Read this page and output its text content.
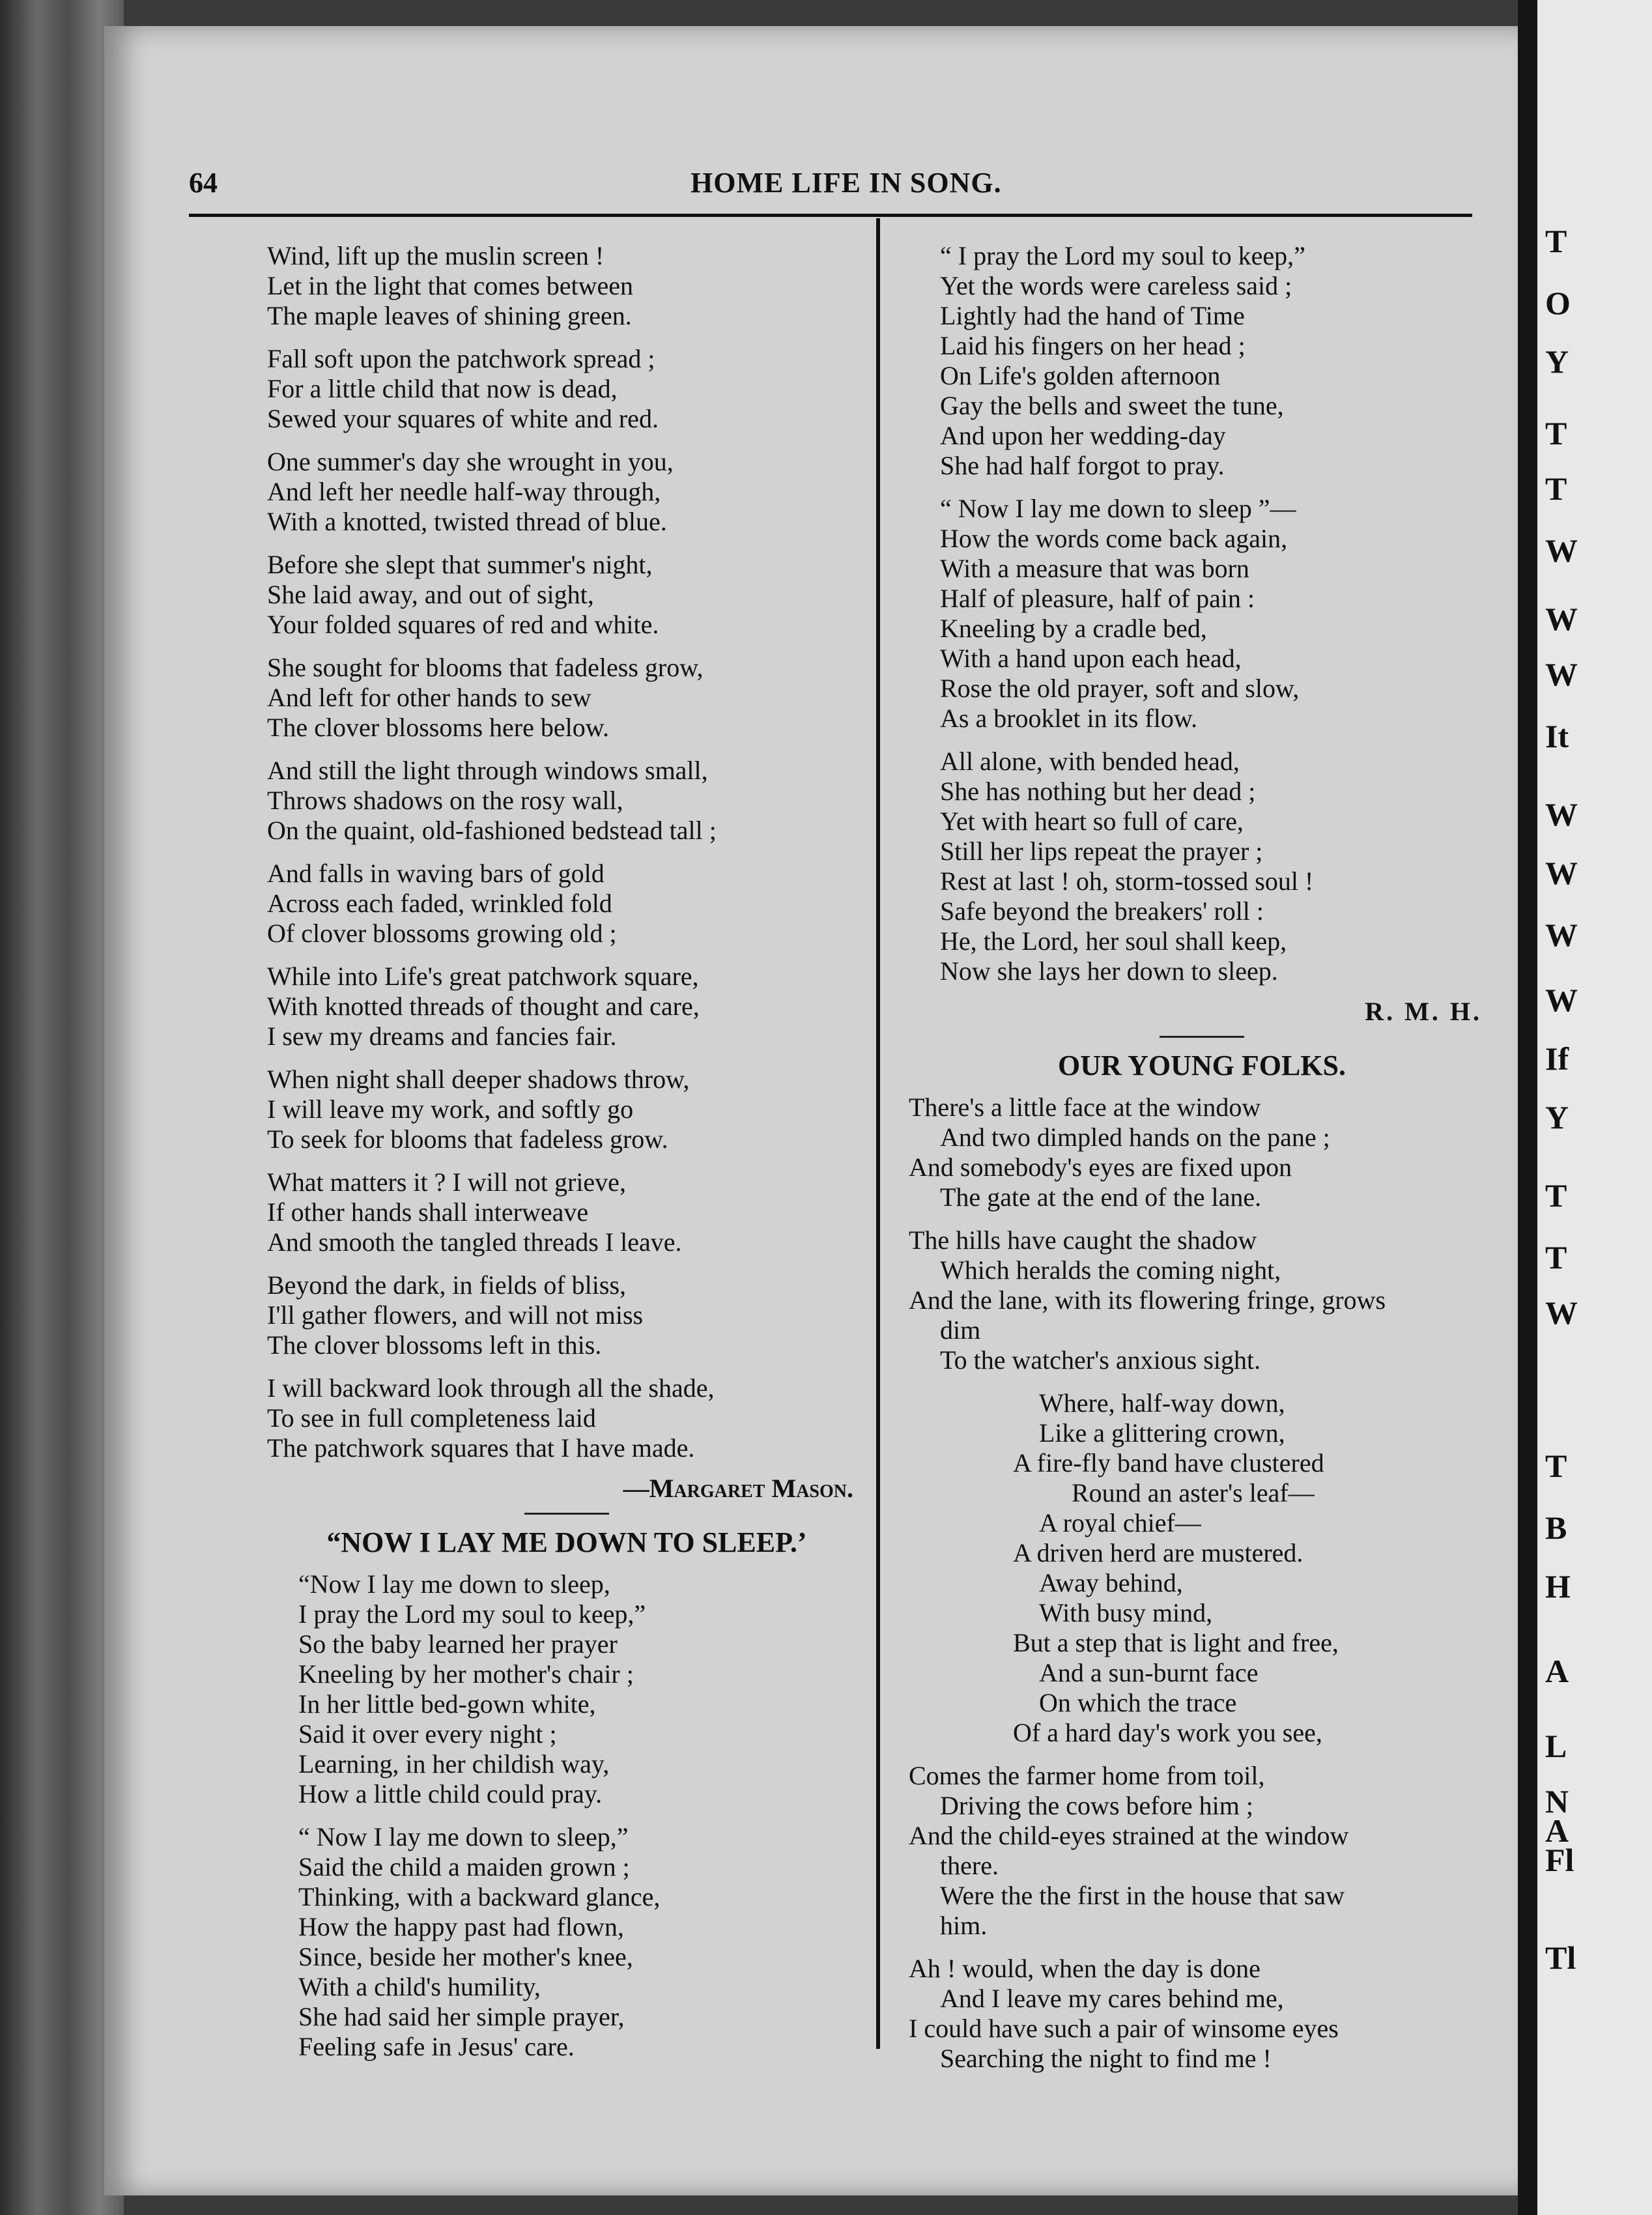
T
O
Y
T
T
W
W
W
It
W
W
W
W
If
Y
T
T
W
T
B
H
A
L
N
A
Fl
Tl
64	HOME LIFE IN SONG.
Wind, lift up the muslin screen !
Let in the light that comes between
The maple leaves of shining green.
Fall soft upon the patchwork spread ;
For a little child that now is dead,
Sewed your squares of white and red.
One summer's day she wrought in you,
And left her needle half-way through,
With a knotted, twisted thread of blue.
Before she slept that summer's night,
She laid away, and out of sight,
Your folded squares of red and white.
She sought for blooms that fadeless grow,
And left for other hands to sew
The clover blossoms here below.
And still the light through windows small,
Throws shadows on the rosy wall,
On the quaint, old-fashioned bedstead tall ;
And falls in waving bars of gold
Across each faded, wrinkled fold
Of clover blossoms growing old ;
While into Life's great patchwork square,
With knotted threads of thought and care,
I sew my dreams and fancies fair.
When night shall deeper shadows throw,
I will leave my work, and softly go
To seek for blooms that fadeless grow.
What matters it ? I will not grieve,
If other hands shall interweave
And smooth the tangled threads I leave.
Beyond the dark, in fields of bliss,
I'll gather flowers, and will not miss
The clover blossoms left in this.
I will backward look through all the shade,
To see in full completeness laid
The patchwork squares that I have made.
—Margaret Mason.
“NOW I LAY ME DOWN TO SLEEP.’
“Now I lay me down to sleep,
I pray the Lord my soul to keep,”
So the baby learned her prayer
Kneeling by her mother's chair ;
In her little bed-gown white,
Said it over every night ;
Learning, in her childish way,
How a little child could pray.
“ Now I lay me down to sleep,”
Said the child a maiden grown ;
Thinking, with a backward glance,
How the happy past had flown,
Since, beside her mother's knee,
With a child's humility,
She had said her simple prayer,
Feeling safe in Jesus' care.
“ I pray the Lord my soul to keep,”
Yet the words were careless said ;
Lightly had the hand of Time
Laid his fingers on her head ;
On Life's golden afternoon
Gay the bells and sweet the tune,
And upon her wedding-day
She had half forgot to pray.
“ Now I lay me down to sleep ”—
How the words come back again,
With a measure that was born
Half of pleasure, half of pain :
Kneeling by a cradle bed,
With a hand upon each head,
Rose the old prayer, soft and slow,
As a brooklet in its flow.
All alone, with bended head,
She has nothing but her dead ;
Yet with heart so full of care,
Still her lips repeat the prayer ;
Rest at last ! oh, storm-tossed soul !
Safe beyond the breakers' roll :
He, the Lord, her soul shall keep,
Now she lays her down to sleep.
R. M. H.
OUR YOUNG FOLKS.
There's a little face at the window
And two dimpled hands on the pane ;
And somebody's eyes are fixed upon
The gate at the end of the lane.
The hills have caught the shadow
Which heralds the coming night,
And the lane, with its flowering fringe, grows
dim
To the watcher's anxious sight.
Where, half-way down,
Like a glittering crown,
A fire-fly band have clustered
Round an aster's leaf—
A royal chief—
A driven herd are mustered.
Away behind,
With busy mind,
But a step that is light and free,
And a sun-burnt face
On which the trace
Of a hard day's work you see,
Comes the farmer home from toil,
Driving the cows before him ;
And the child-eyes strained at the window
there.
Were the the first in the house that saw
him.
Ah ! would, when the day is done
And I leave my cares behind me,
I could have such a pair of winsome eyes
Searching the night to find me !
